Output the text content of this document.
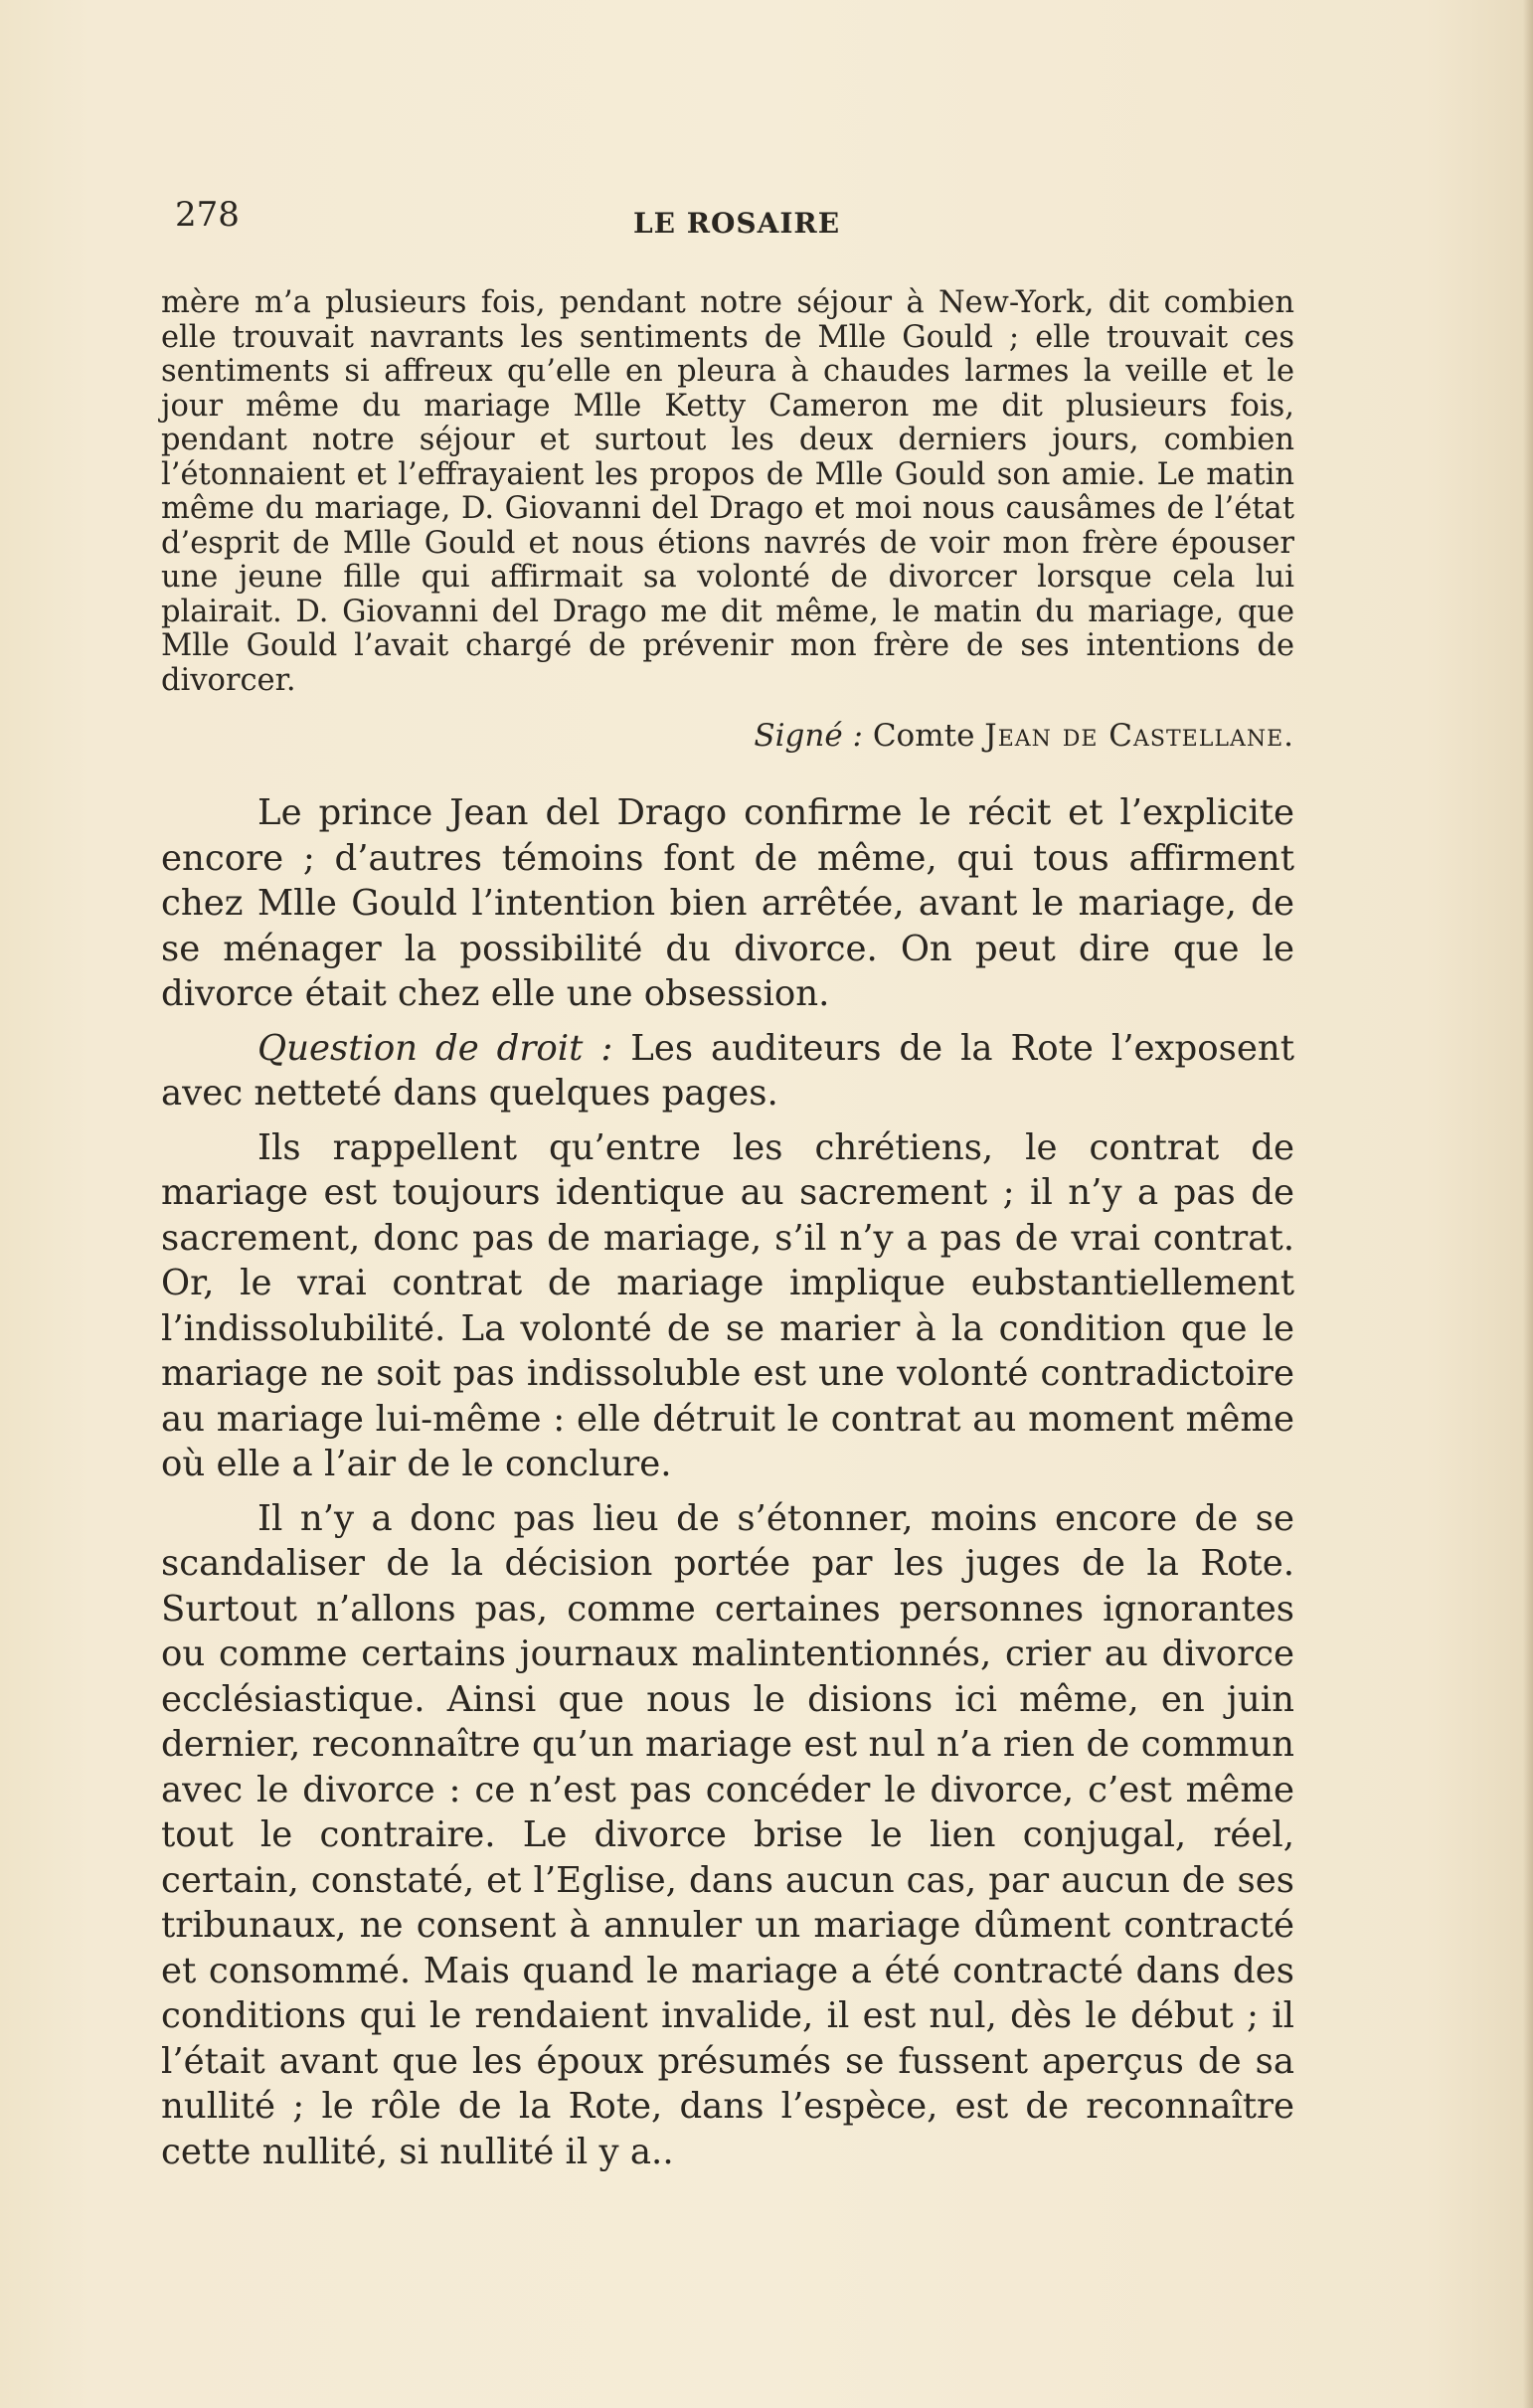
278	LE ROSAIRE
mère m’a plusieurs fois, pendant notre séjour à New-York, dit combien elle trouvait navrants les sentiments de Mlle Gould ; elle trouvait ces sentiments si affreux qu’elle en pleura à chaudes larmes la veille et le jour même du mariage Mlle Ketty Cameron me dit plusieurs fois, pendant notre séjour et surtout les deux derniers jours, combien l’étonnaient et l’effrayaient les propos de Mlle Gould son amie. Le matin même du mariage, D. Giovanni del Drago et moi nous causâmes de l’état d’esprit de Mlle Gould et nous étions navrés de voir mon frère épouser une jeune fille qui affirmait sa volonté de divorcer lorsque cela lui plairait. D. Giovanni del Drago me dit même, le matin du mariage, que Mlle Gould l’avait chargé de prévenir mon frère de ses intentions de divorcer.
Signé : Comte Jean de Castellane.

Le prince Jean del Drago confirme le récit et l’explicite encore ; d’autres témoins font de même, qui tous affirment chez Mlle Gould l’intention bien arrêtée, avant le mariage, de se ménager la possibilité du divorce. On peut dire que le divorce était chez elle une obsession.

Question de droit : Les auditeurs de la Rote l’exposent avec netteté dans quelques pages.

Ils rappellent qu’entre les chrétiens, le contrat de mariage est toujours identique au sacrement ; il n’y a pas de sacrement, donc pas de mariage, s’il n’y a pas de vrai contrat. Or, le vrai contrat de mariage implique eubstantiellement l’indissolubilité. La volonté de se marier à la condition que le mariage ne soit pas indissoluble est une volonté contradictoire au mariage lui-même : elle détruit le contrat au moment même où elle a l’air de le conclure.

Il n’y a donc pas lieu de s’étonner, moins encore de se scandaliser de la décision portée par les juges de la Rote. Surtout n’allons pas, comme certaines personnes ignorantes ou comme certains journaux malintentionnés, crier au divorce ecclésiastique. Ainsi que nous le disions ici même, en juin dernier, reconnaître qu’un mariage est nul n’a rien de commun avec le divorce : ce n’est pas concéder le divorce, c’est même tout le contraire. Le divorce brise le lien conjugal, réel, certain, constaté, et l’Eglise, dans aucun cas, par aucun de ses tribunaux, ne consent à annuler un mariage dûment contracté et consommé. Mais quand le mariage a été contracté dans des conditions qui le rendaient invalide, il est nul, dès le début ; il l’était avant que les époux présumés se fussent aperçus de sa nullité ; le rôle de la Rote, dans l’espèce, est de reconnaître cette nullité, si nullité il y a..
